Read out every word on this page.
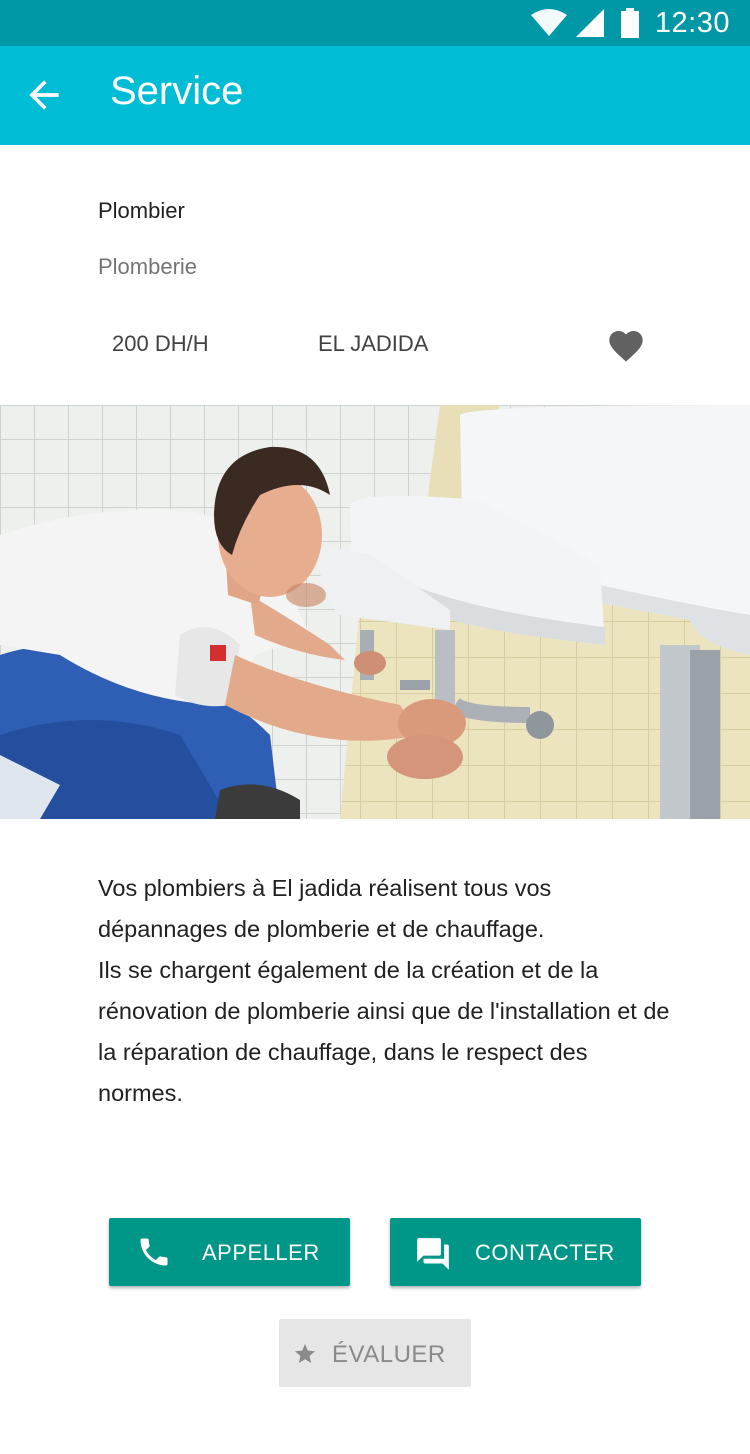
12:30
Service
Plombier
Plomberie
200 DH/H	EL JADIDA
Vos plombiers à El jadida réalisent tous vos dépannages de plomberie et de chauffage.
Ils se chargent également de la création et de la rénovation de plomberie ainsi que de l'installation et de la réparation de chauffage, dans le respect des normes.
APPELLER	CONTACTER
ÉVALUER
